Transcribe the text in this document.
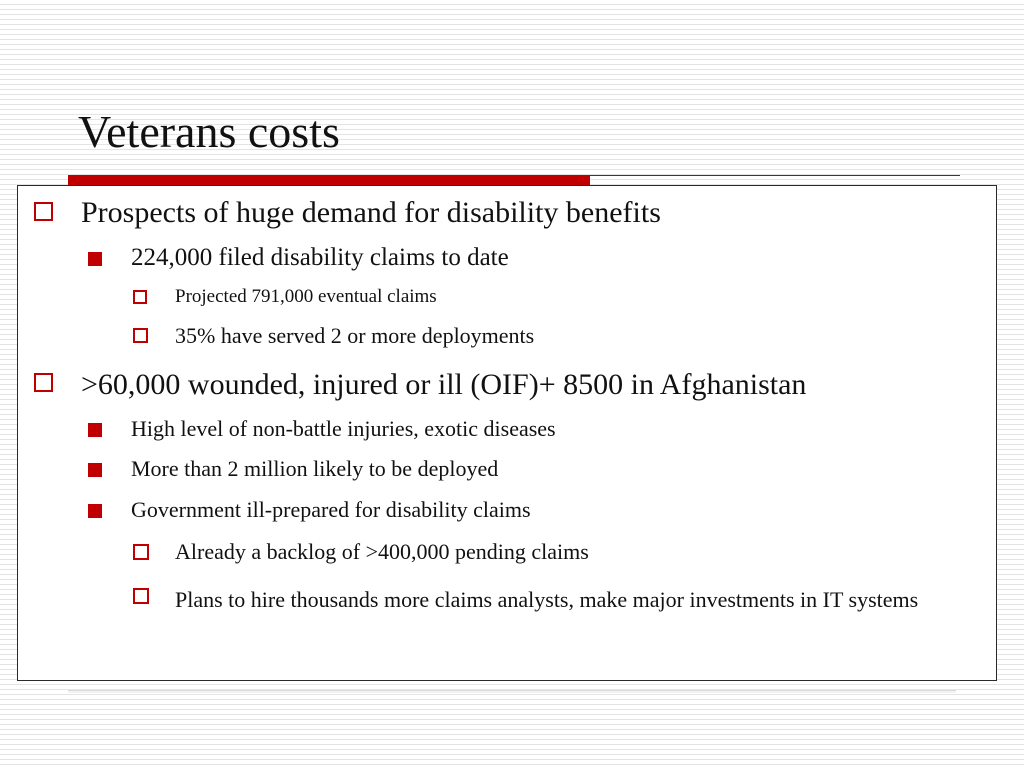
Veterans costs
Prospects of huge demand for disability benefits
224,000 filed disability claims to date
Projected 791,000 eventual claims
35% have served 2 or more deployments
>60,000 wounded, injured or ill (OIF)+ 8500 in Afghanistan
High level of non-battle injuries, exotic diseases
More than 2 million likely to be deployed
Government ill-prepared for disability claims
Already a backlog of >400,000 pending claims
Plans to hire thousands more claims analysts, make major investments in IT systems
